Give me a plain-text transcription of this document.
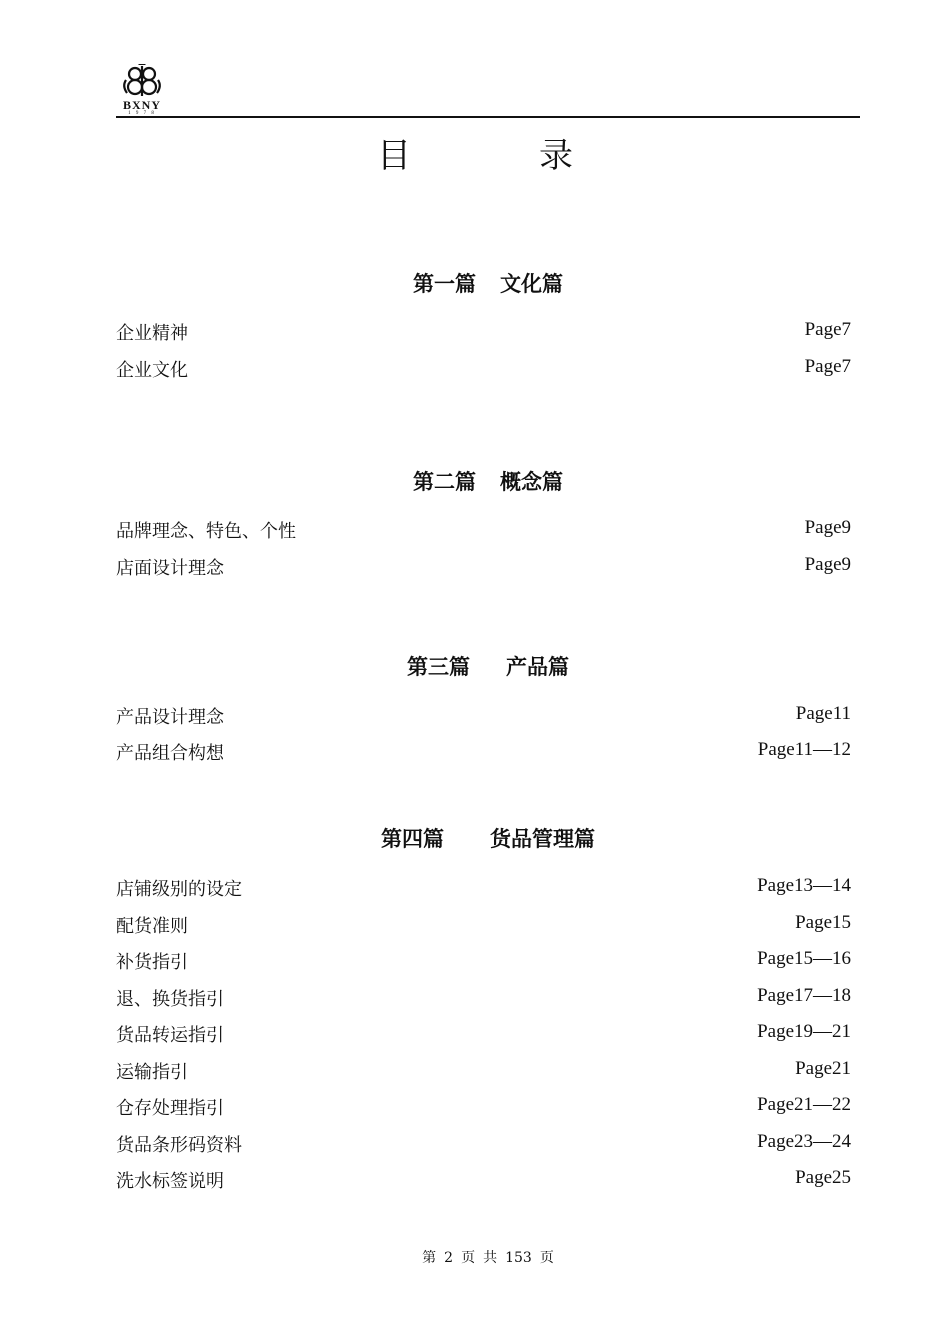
BXNY
1 9 7 8
目	录
第一篇 文化篇
企业精神	Page7
企业文化	Page7
第二篇 概念篇
品牌理念、特色、个性	Page9
店面设计理念	Page9
第三篇 产品篇
产品设计理念	Page11
产品组合构想	Page11—12
第四篇 货品管理篇
店铺级别的设定	Page13—14
配货准则	Page15
补货指引	Page15—16
退、换货指引	Page17—18
货品转运指引	Page19—21
运输指引	Page21
仓存处理指引	Page21—22
货品条形码资料	Page23—24
洗水标签说明	Page25
第 2 页 共 153 页
